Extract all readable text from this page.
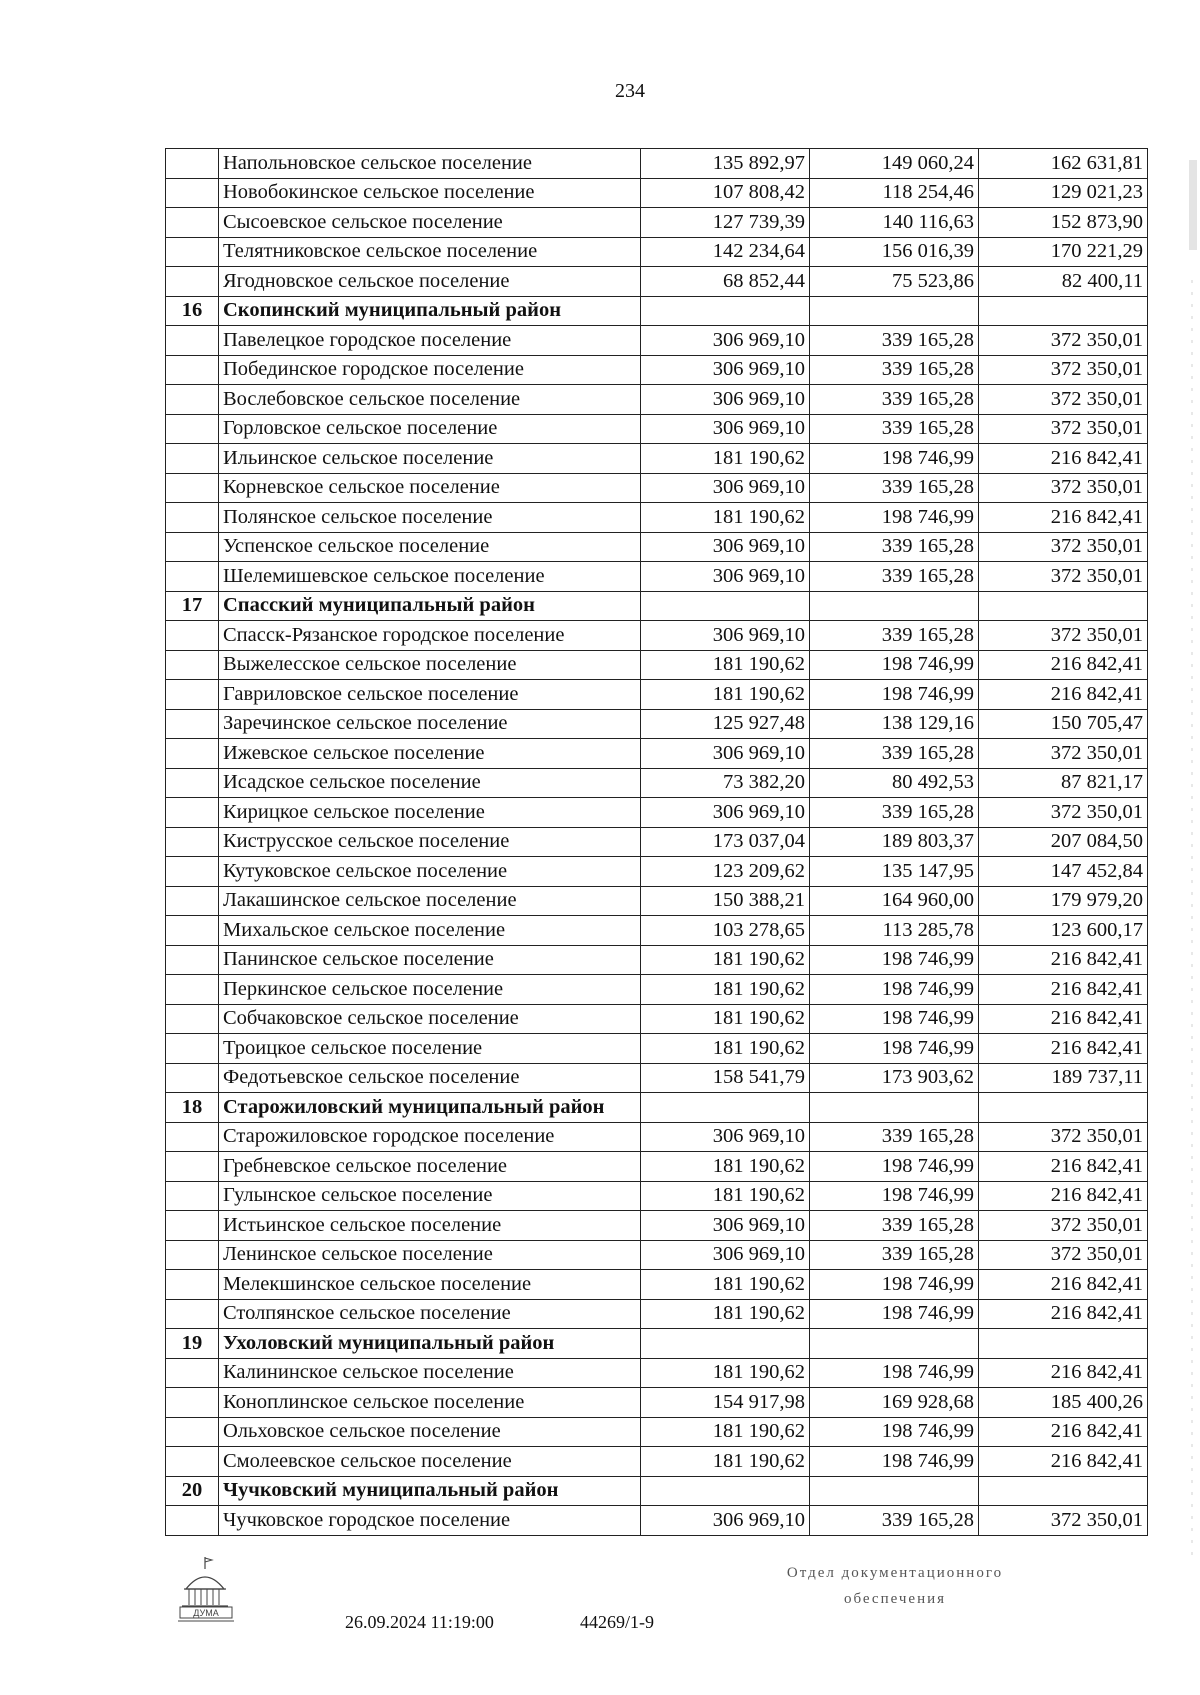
234
	Напольновское сельское поселение	135 892,97	149 060,24	162 631,81
	Новобокинское сельское поселение	107 808,42	118 254,46	129 021,23
	Сысоевское сельское поселение	127 739,39	140 116,63	152 873,90
	Телятниковское сельское поселение	142 234,64	156 016,39	170 221,29
	Ягодновское сельское поселение	68 852,44	75 523,86	82 400,11
16	Скопинский муниципальный район			
	Павелецкое городское поселение	306 969,10	339 165,28	372 350,01
	Побединское городское поселение	306 969,10	339 165,28	372 350,01
	Вослебовское сельское поселение	306 969,10	339 165,28	372 350,01
	Горловское сельское поселение	306 969,10	339 165,28	372 350,01
	Ильинское сельское поселение	181 190,62	198 746,99	216 842,41
	Корневское сельское поселение	306 969,10	339 165,28	372 350,01
	Полянское сельское поселение	181 190,62	198 746,99	216 842,41
	Успенское сельское поселение	306 969,10	339 165,28	372 350,01
	Шелемишевское сельское поселение	306 969,10	339 165,28	372 350,01
17	Спасский муниципальный район			
	Спасск-Рязанское городское поселение	306 969,10	339 165,28	372 350,01
	Выжелесское сельское поселение	181 190,62	198 746,99	216 842,41
	Гавриловское сельское поселение	181 190,62	198 746,99	216 842,41
	Заречинское сельское поселение	125 927,48	138 129,16	150 705,47
	Ижевское сельское поселение	306 969,10	339 165,28	372 350,01
	Исадское сельское поселение	73 382,20	80 492,53	87 821,17
	Кирицкое сельское поселение	306 969,10	339 165,28	372 350,01
	Киструсское сельское поселение	173 037,04	189 803,37	207 084,50
	Кутуковское сельское поселение	123 209,62	135 147,95	147 452,84
	Лакашинское сельское поселение	150 388,21	164 960,00	179 979,20
	Михальское сельское поселение	103 278,65	113 285,78	123 600,17
	Панинское сельское поселение	181 190,62	198 746,99	216 842,41
	Перкинское сельское поселение	181 190,62	198 746,99	216 842,41
	Собчаковское сельское поселение	181 190,62	198 746,99	216 842,41
	Троицкое сельское поселение	181 190,62	198 746,99	216 842,41
	Федотьевское сельское поселение	158 541,79	173 903,62	189 737,11
18	Старожиловский муниципальный район			
	Старожиловское городское поселение	306 969,10	339 165,28	372 350,01
	Гребневское сельское поселение	181 190,62	198 746,99	216 842,41
	Гулынское сельское поселение	181 190,62	198 746,99	216 842,41
	Истьинское сельское поселение	306 969,10	339 165,28	372 350,01
	Ленинское сельское поселение	306 969,10	339 165,28	372 350,01
	Мелекшинское сельское поселение	181 190,62	198 746,99	216 842,41
	Столпянское сельское поселение	181 190,62	198 746,99	216 842,41
19	Ухоловский муниципальный район			
	Калининское сельское поселение	181 190,62	198 746,99	216 842,41
	Коноплинское сельское поселение	154 917,98	169 928,68	185 400,26
	Ольховское сельское поселение	181 190,62	198 746,99	216 842,41
	Смолеевское сельское поселение	181 190,62	198 746,99	216 842,41
20	Чучковский муниципальный район			
	Чучковское городское поселение	306 969,10	339 165,28	372 350,01
ДУМА
Отдел документационного
обеспечения
26.09.2024 11:19:00	44269/1-9
